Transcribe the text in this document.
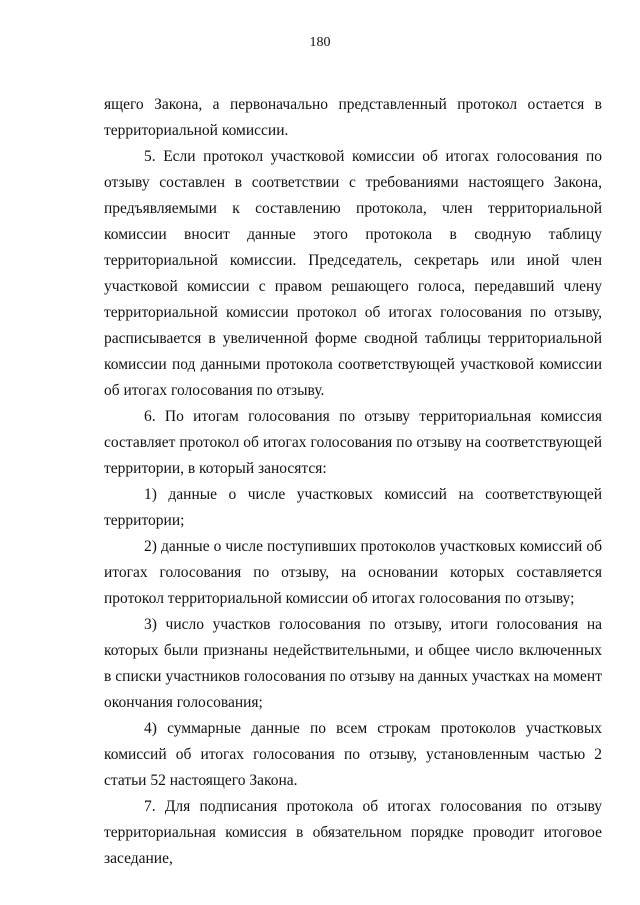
180

ящего Закона, а первоначально представленный протокол остается в территориальной комиссии.

5. Если протокол участковой комиссии об итогах голосования по отзыву составлен в соответствии с требованиями настоящего Закона, предъявляемыми к составлению протокола, член территориальной комиссии вносит данные этого протокола в сводную таблицу территориальной комиссии. Председатель, секретарь или иной член участковой комиссии с правом решающего голоса, передавший члену территориальной комиссии протокол об итогах голосования по отзыву, расписывается в увеличенной форме сводной таблицы территориальной комиссии под данными протокола соответствующей участковой комиссии об итогах голосования по отзыву.

6. По итогам голосования по отзыву территориальная комиссия составляет протокол об итогах голосования по отзыву на соответствующей территории, в который заносятся:

1) данные о числе участковых комиссий на соответствующей территории;

2) данные о числе поступивших протоколов участковых комиссий об итогах голосования по отзыву, на основании которых составляется протокол территориальной комиссии об итогах голосования по отзыву;

3) число участков голосования по отзыву, итоги голосования на которых были признаны недействительными, и общее число включенных в списки участников голосования по отзыву на данных участках на момент окончания голосования;

4) суммарные данные по всем строкам протоколов участковых комиссий об итогах голосования по отзыву, установленным частью 2 статьи 52 настоящего Закона.

7. Для подписания протокола об итогах голосования по отзыву территориальная комиссия в обязательном порядке проводит итоговое заседание,
